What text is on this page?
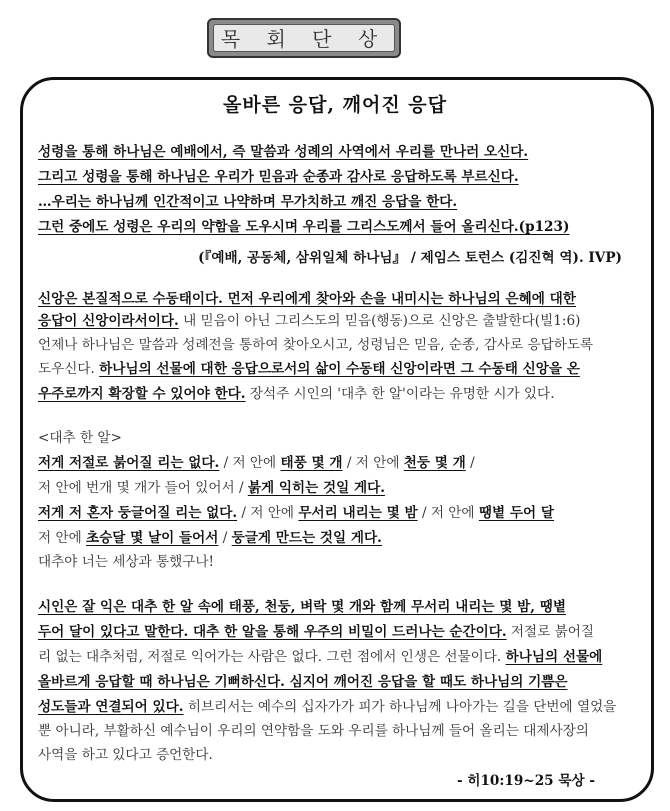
목 회 단 상
올바른 응답, 깨어진 응답
성령을 통해 하나님은 예배에서, 즉 말씀과 성례의 사역에서 우리를 만나러 오신다.
그리고 성령을 통해 하나님은 우리가 믿음과 순종과 감사로 응답하도록 부르신다.
…우리는 하나님께 인간적이고 나약하며 무가치하고 깨진 응답을 한다.
그런 중에도 성령은 우리의 약함을 도우시며 우리를 그리스도께서 들어 올리신다.(p123)
(『예배, 공동체, 삼위일체 하나님』 / 제임스 토런스 (김진혁 역). IVP)
신앙은 본질적으로 수동태이다. 먼저 우리에게 찾아와 손을 내미시는 하나님의 은혜에 대한
응답이 신앙이라서이다. 내 믿음이 아닌 그리스도의 믿음(행동)으로 신앙은 출발한다(빌1:6)
언제나 하나님은 말씀과 성례전을 통하여 찾아오시고, 성령님은 믿음, 순종, 감사로 응답하도록
도우신다. 하나님의 선물에 대한 응답으로서의 삶이 수동태 신앙이라면 그 수동태 신앙을 온
우주로까지 확장할 수 있어야 한다. 장석주 시인의 '대추 한 알'이라는 유명한 시가 있다.
<대추 한 알>
저게 저절로 붉어질 리는 없다. / 저 안에 태풍 몇 개 / 저 안에 천둥 몇 개 /
저 안에 번개 몇 개가 들어 있어서 / 붉게 익히는 것일 게다.
저게 저 혼자 둥글어질 리는 없다. / 저 안에 무서리 내리는 몇 밤 / 저 안에 땡볕 두어 달
저 안에 초승달 몇 날이 들어서 / 둥글게 만드는 것일 게다.
대추야 너는 세상과 통했구나!
시인은 잘 익은 대추 한 알 속에 태풍, 천둥, 벼락 몇 개와 함께 무서리 내리는 몇 밤, 땡볕
두어 달이 있다고 말한다. 대추 한 알을 통해 우주의 비밀이 드러나는 순간이다. 저절로 붉어질
리 없는 대추처럼, 저절로 익어가는 사람은 없다. 그런 점에서 인생은 선물이다. 하나님의 선물에
올바르게 응답할 때 하나님은 기뻐하신다. 심지어 깨어진 응답을 할 때도 하나님의 기쁨은
성도들과 연결되어 있다. 히브리서는 예수의 십자가가 피가 하나님께 나아가는 길을 단번에 열었을
뿐 아니라, 부활하신 예수님이 우리의 연약함을 도와 우리를 하나님께 들어 올리는 대제사장의
사역을 하고 있다고 증언한다.
- 히10:19~25 묵상 -
